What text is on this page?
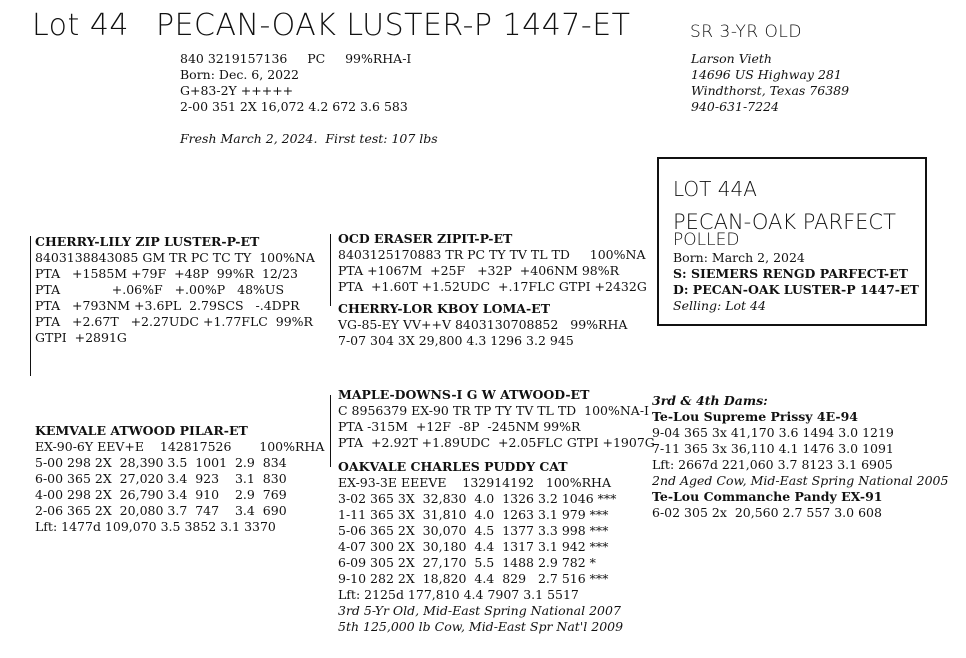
Lot 44 PECAN-OAK LUSTER-P 1447-ET	SR 3-YR OLD
840 3219157136     PC     99%RHA-I
Born: Dec. 6, 2022
G+83-2Y +++++
2-00 351 2X 16,072 4.2 672 3.6 583
Fresh March 2, 2024.  First test: 107 lbs
Larson Vieth
14696 US Highway 281
Windthorst, Texas 76389
940-631-7224
LOT 44A
PECAN-OAK PARFECT
POLLED
Born: March 2, 2024
S: SIEMERS RENGD PARFECT-ET
D: PECAN-OAK LUSTER-P 1447-ET
Selling: Lot 44
CHERRY-LILY ZIP LUSTER-P-ET
8403138843085 GM TR PC TC TY  100%NA
PTA   +1585M +79F  +48P  99%R  12/23
PTA             +.06%F   +.00%P   48%US
PTA   +793NM +3.6PL  2.79SCS   -.4DPR
PTA   +2.67T   +2.27UDC +1.77FLC  99%R
GTPI  +2891G
OCD ERASER ZIPIT-P-ET
8403125170883 TR PC TY TV TL TD     100%NA
PTA +1067M  +25F   +32P  +406NM 98%R
PTA  +1.60T +1.52UDC  +.17FLC GTPI +2432G
CHERRY-LOR KBOY LOMA-ET
VG-85-EY VV++V 8403130708852   99%RHA
7-07 304 3X 29,800 4.3 1296 3.2 945
KEMVALE ATWOOD PILAR-ET
EX-90-6Y EEV+E    142817526       100%RHA
5-00 298 2X  28,390 3.5  1001  2.9  834
6-00 365 2X  27,020 3.4  923    3.1  830
4-00 298 2X  26,790 3.4  910    2.9  769
2-06 365 2X  20,080 3.7  747    3.4  690
Lft: 1477d 109,070 3.5 3852 3.1 3370
MAPLE-DOWNS-I G W ATWOOD-ET
C 8956379 EX-90 TR TP TY TV TL TD  100%NA-I
PTA -315M  +12F  -8P  -245NM 99%R
PTA  +2.92T +1.89UDC  +2.05FLC GTPI +1907G
OAKVALE CHARLES PUDDY CAT
EX-93-3E EEEVE    132914192   100%RHA
3-02 365 3X  32,830  4.0  1326 3.2 1046 ***
1-11 365 3X  31,810  4.0  1263 3.1 979 ***
5-06 365 2X  30,070  4.5  1377 3.3 998 ***
4-07 300 2X  30,180  4.4  1317 3.1 942 ***
6-09 305 2X  27,170  5.5  1488 2.9 782 *
9-10 282 2X  18,820  4.4  829   2.7 516 ***
Lft: 2125d 177,810 4.4 7907 3.1 5517
3rd 5-Yr Old, Mid-East Spring National 2007
5th 125,000 lb Cow, Mid-East Spr Nat'l 2009
3rd & 4th Dams:
Te-Lou Supreme Prissy 4E-94
9-04 365 3x 41,170 3.6 1494 3.0 1219
7-11 365 3x 36,110 4.1 1476 3.0 1091
Lft: 2667d 221,060 3.7 8123 3.1 6905
2nd Aged Cow, Mid-East Spring National 2005
Te-Lou Commanche Pandy EX-91
6-02 305 2x  20,560 2.7 557 3.0 608
